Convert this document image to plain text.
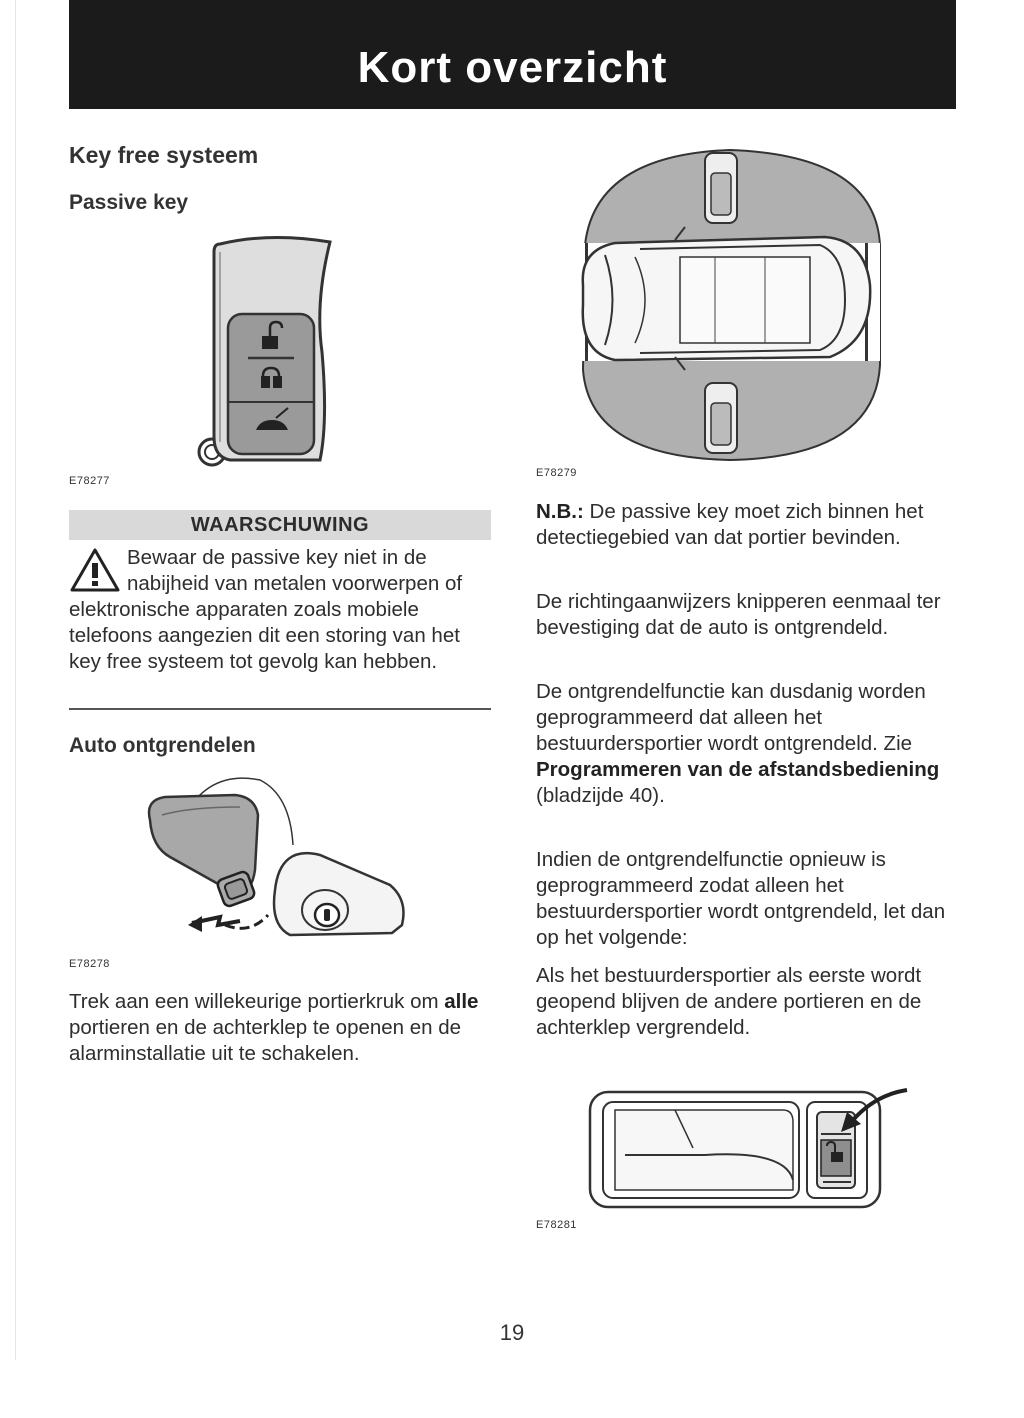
Kort overzicht
Key free systeem
Passive key
E78277
WAARSCHUWING

Bewaar de passive key niet in de nabijheid van metalen voorwerpen of elektronische apparaten zoals mobiele telefoons aangezien dit een storing van het key free systeem tot gevolg kan hebben.

Auto ontgrendelen
E78278

Trek aan een willekeurige portierkruk om alle portieren en de achterklep te openen en de alarminstallatie uit te schakelen.

E78279

N.B.: De passive key moet zich binnen het detectiegebied van dat portier bevinden.

De richtingaanwijzers knipperen eenmaal ter bevestiging dat de auto is ontgrendeld.

De ontgrendelfunctie kan dusdanig worden geprogrammeerd dat alleen het bestuurdersportier wordt ontgrendeld. Zie Programmeren van de afstandsbediening (bladzijde 40).

Indien de ontgrendelfunctie opnieuw is geprogrammeerd zodat alleen het bestuurdersportier wordt ontgrendeld, let dan op het volgende:

Als het bestuurdersportier als eerste wordt geopend blijven de andere portieren en de achterklep vergrendeld.

E78281
19
